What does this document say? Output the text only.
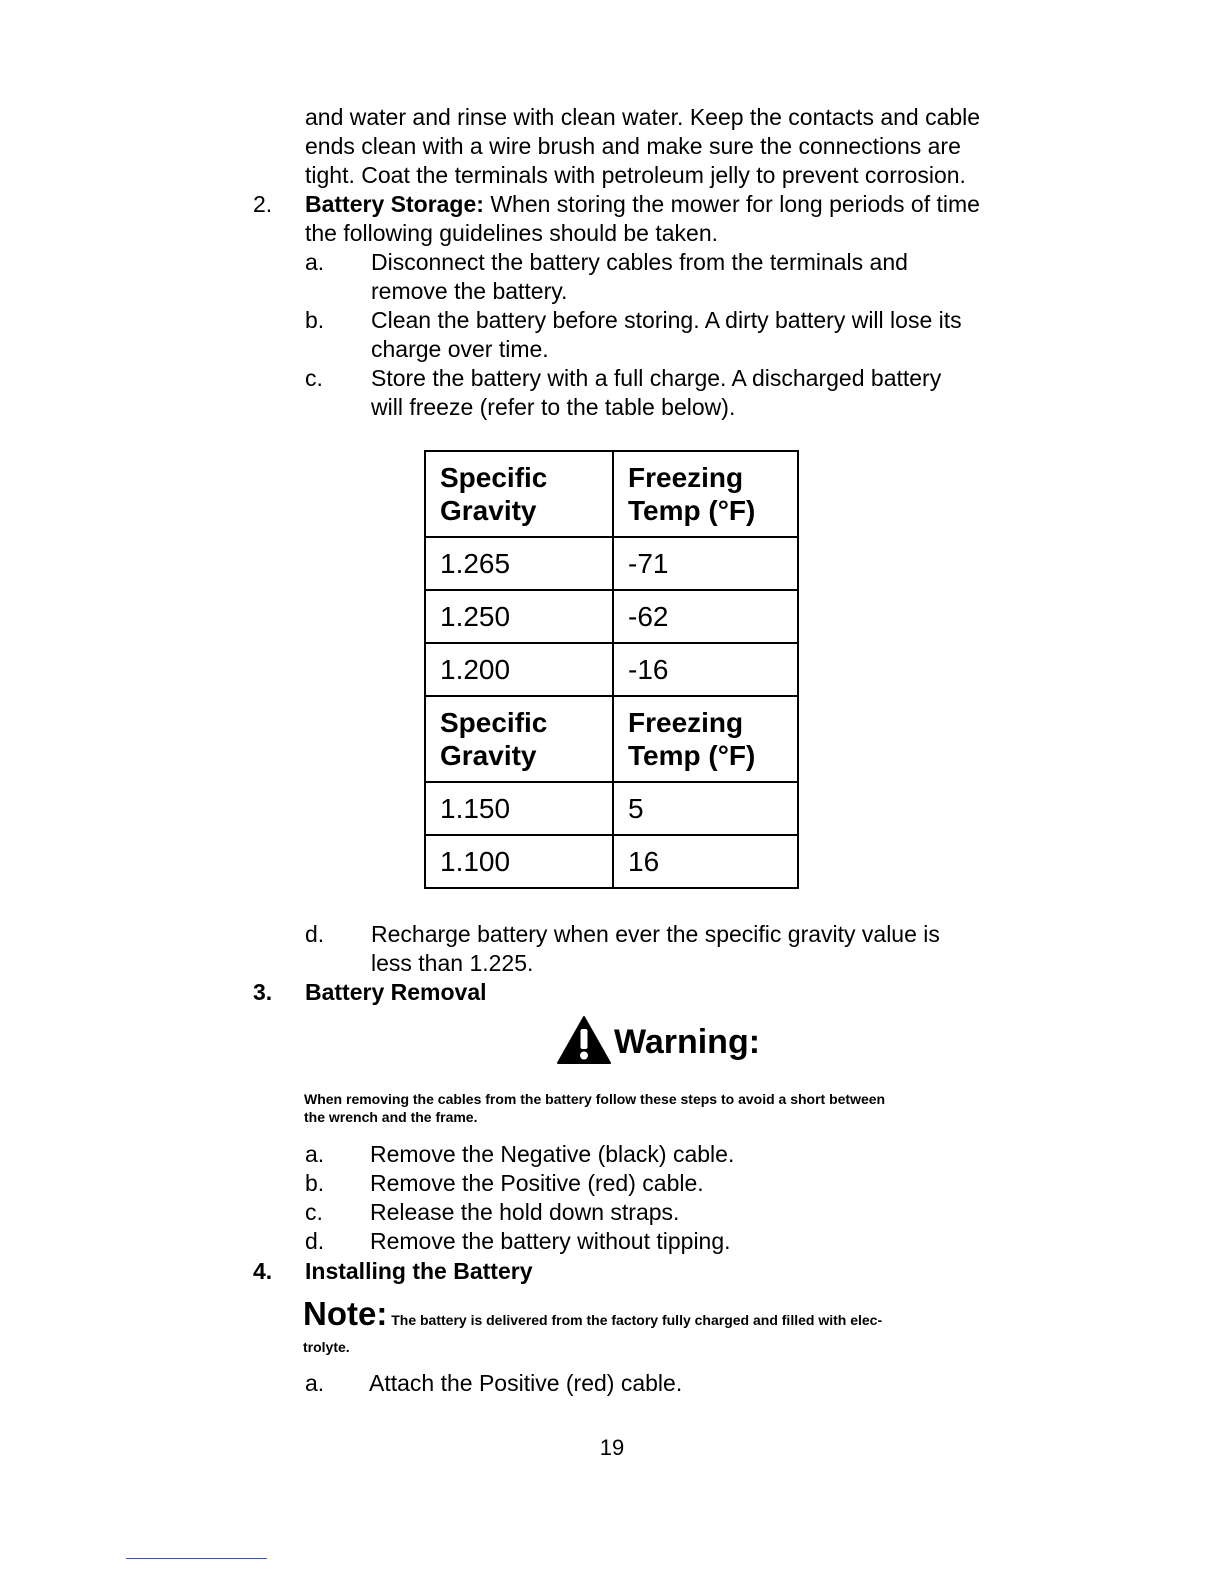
and water and rinse with clean water. Keep the contacts and cable
ends clean with a wire brush and make sure the connections are
tight. Coat the terminals with petroleum jelly to prevent corrosion.
2. Battery Storage: When storing the mower for long periods of time
the following guidelines should be taken.
a. Disconnect the battery cables from the terminals and
remove the battery.
b. Clean the battery before storing. A dirty battery will lose its
charge over time.
c. Store the battery with a full charge. A discharged battery
will freeze (refer to the table below).
Specific
Gravity	Freezing
Temp (°F)

1.265	-71
1.250	-62
1.200	-16

Specific
Gravity	Freezing
Temp (°F)

1.150	5
1.100	16
d. Recharge battery when ever the specific gravity value is
less than 1.225.
3. Battery Removal
Warning:
When removing the cables from the battery follow these steps to avoid a short between
the wrench and the frame.
a. Remove the Negative (black) cable.
b. Remove the Positive (red) cable.
c. Release the hold down straps.
d. Remove the battery without tipping.
4. Installing the Battery
Note: The battery is delivered from the factory fully charged and filled with elec-
trolyte.
a. Attach the Positive (red) cable.
19
